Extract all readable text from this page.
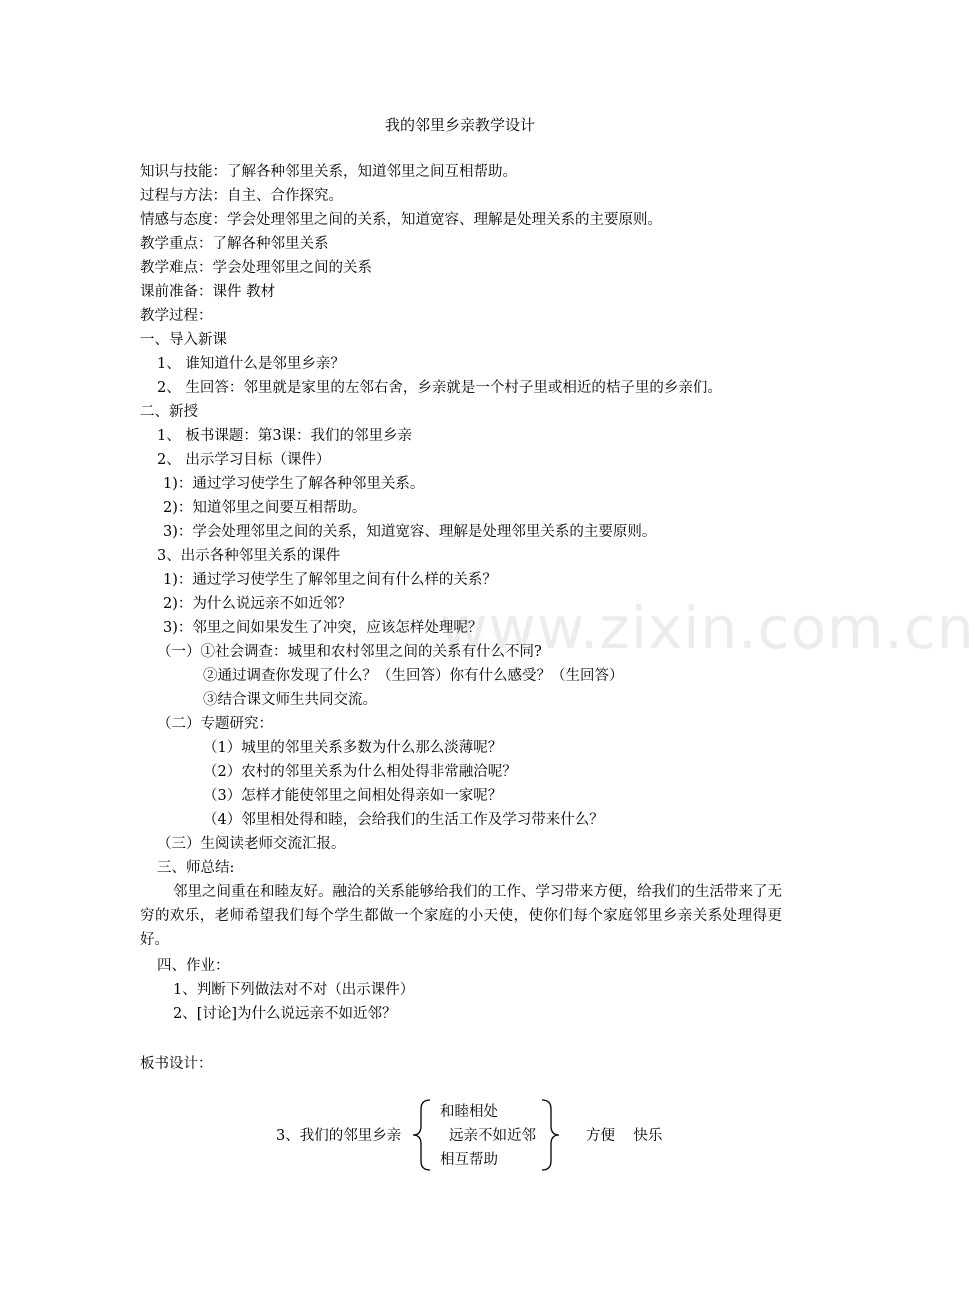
www.zixin.com.cn
我的邻里乡亲教学设计
知识与技能：了解各种邻里关系，知道邻里之间互相帮助。
过程与方法：自主、合作探究。
情感与态度：学会处理邻里之间的关系，知道宽容、理解是处理关系的主要原则。
教学重点：了解各种邻里关系
教学难点：学会处理邻里之间的关系
课前准备：课件 教材
教学过程：
一、导入新课
1、 谁知道什么是邻里乡亲？
2、 生回答：邻里就是家里的左邻右舍，乡亲就是一个村子里或相近的桔子里的乡亲们。
二、新授
1、 板书课题：第3课：我们的邻里乡亲
2、 出示学习目标（课件）
1)：通过学习使学生了解各种邻里关系。
2)：知道邻里之间要互相帮助。
3)：学会处理邻里之间的关系，知道宽容、理解是处理邻里关系的主要原则。
3、出示各种邻里关系的课件
1)：通过学习使学生了解邻里之间有什么样的关系？
2)：为什么说远亲不如近邻？
3)：邻里之间如果发生了冲突，应该怎样处理呢？
（一）①社会调查：城里和农村邻里之间的关系有什么不同?
②通过调查你发现了什么？（生回答）你有什么感受？（生回答）
③结合课文师生共同交流。
（二）专题研究：
（1）城里的邻里关系多数为什么那么淡薄呢？
（2）农村的邻里关系为什么相处得非常融洽呢？
（3）怎样才能使邻里之间相处得亲如一家呢？
（4）邻里相处得和睦，会给我们的生活工作及学习带来什么？
（三）生阅读老师交流汇报。
三、师总结:
邻里之间重在和睦友好。融洽的关系能够给我们的工作、学习带来方便，给我们的生活带来了无穷的欢乐，老师希望我们每个学生都做一个家庭的小天使，使你们每个家庭邻里乡亲关系处理得更好。
四、作业：
1、判断下列做法对不对（出示课件）
2、[讨论]为什么说远亲不如近邻？
板书设计：
3、我们的邻里乡亲
和睦相处
远亲不如近邻
相互帮助
方便    快乐
